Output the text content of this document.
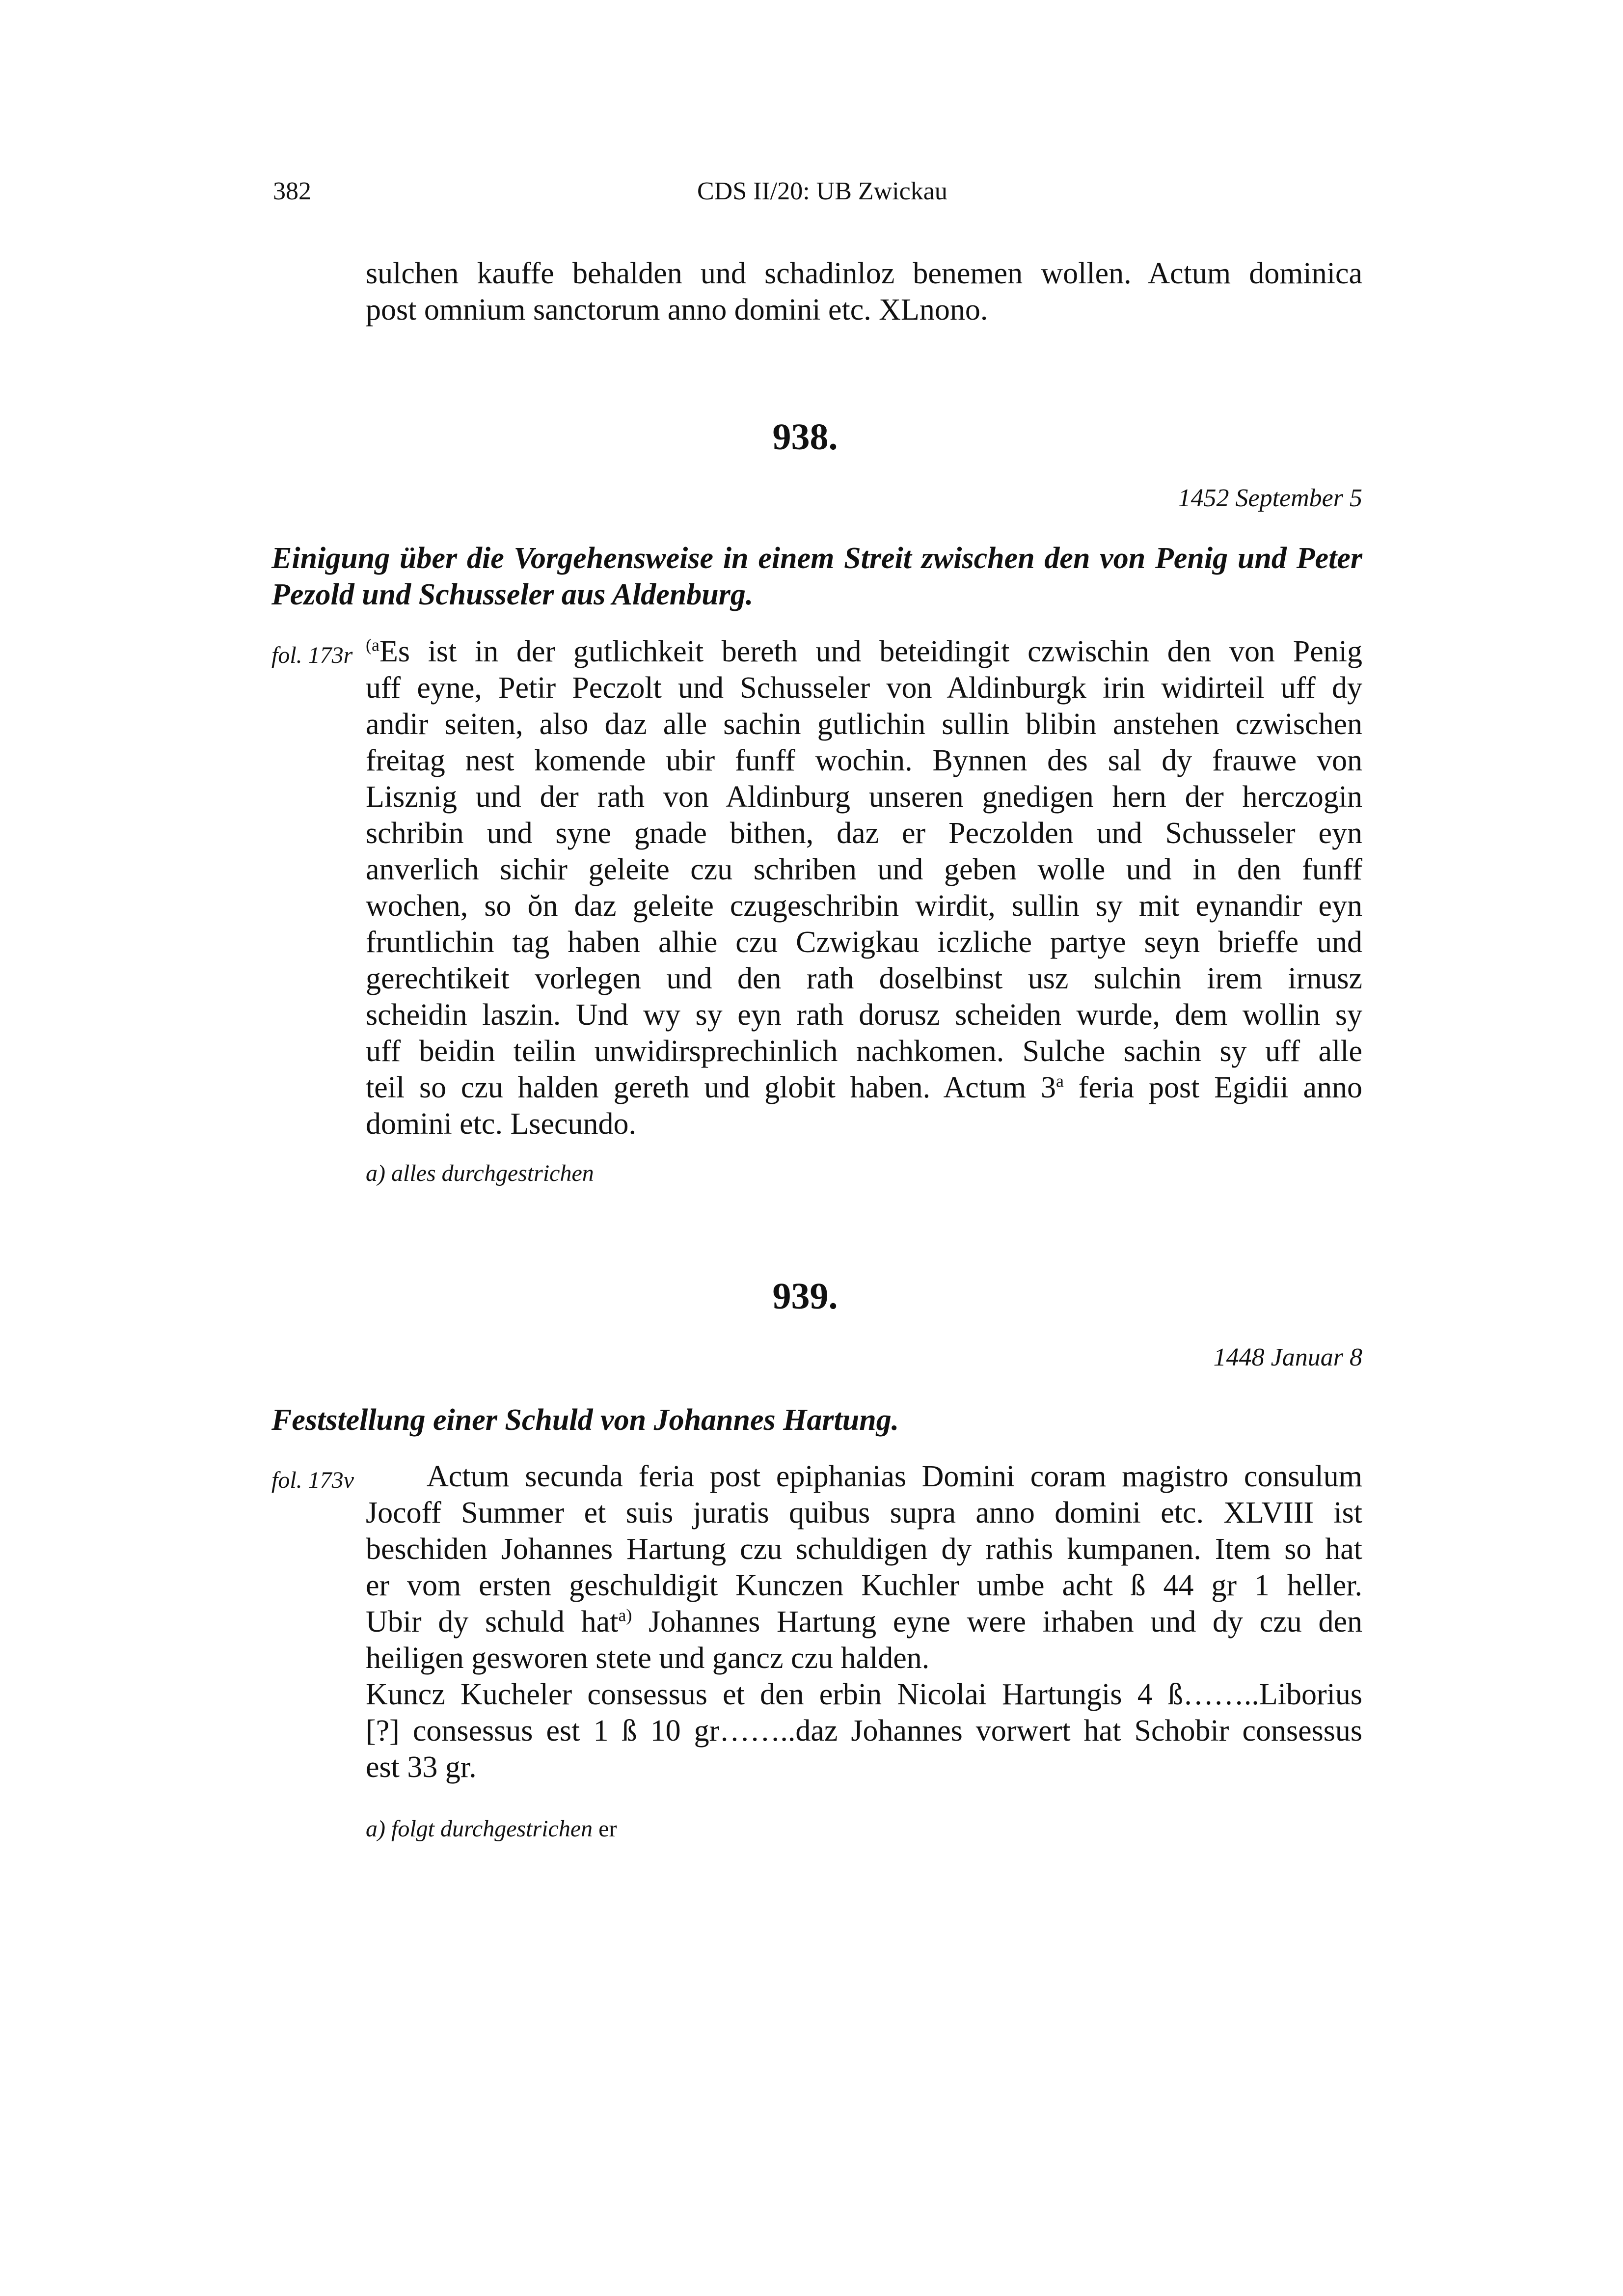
382	CDS II/20: UB Zwickau
sulchen kauffe behalden und schadinloz benemen wollen. Actum dominica
post omnium sanctorum anno domini etc. XLnono.
938.
1452 September 5
Einigung über die Vorgehensweise in einem Streit zwischen den von Penig und Peter Pezold und Schusseler aus Aldenburg.
fol. 173r $^{(a}$Es ist in der gutlichkeit bereth und beteidingit czwischin den von Penig
uff eyne, Petir Peczolt und Schusseler von Aldinburgk irin widirteil uff dy
andir seiten, also daz alle sachin gutlichin sullin blibin anstehen czwischen
freitag nest komende ubir funff wochin. Bynnen des sal dy frauwe von
Lisznig und der rath von Aldinburg unseren gnedigen hern der herczogin
schribin und syne gnade bithen, daz er Peczolden und Schusseler eyn
anverlich sichir geleite czu schriben und geben wolle und in den funff
wochen, so ŏn daz geleite czugeschribin wirdit, sullin sy mit eynandir eyn
fruntlichin tag haben alhie czu Czwigkau iczliche partye seyn brieffe und
gerechtikeit vorlegen und den rath doselbinst usz sulchin irem irnusz
scheidin laszin. Und wy sy eyn rath dorusz scheiden wurde, dem wollin sy
uff beidin teilin unwidirsprechinlich nachkomen. Sulche sachin sy uff alle
teil so czu halden gereth und globit haben. Actum 3$^a$ feria post Egidii anno
domini etc. Lsecundo.
a) alles durchgestrichen
939.
1448 Januar 8
Feststellung einer Schuld von Johannes Hartung.
fol. 173v	Actum secunda feria post epiphanias Domini coram magistro consulum
Jocoff Summer et suis juratis quibus supra anno domini etc. XLVIII ist
beschiden Johannes Hartung czu schuldigen dy rathis kumpanen. Item so hat
er vom ersten geschuldigit Kunczen Kuchler umbe acht ß 44 gr 1 heller.
Ubir dy schuld hat$^{a)}$ Johannes Hartung eyne were irhaben und dy czu den
heiligen gesworen stete und gancz czu halden.
Kuncz Kucheler consessus et den erbin Nicolai Hartungis 4 ß……..Liborius
[?] consessus est 1 ß 10 gr……..daz Johannes vorwert hat Schobir consessus
est 33 gr.
a) folgt durchgestrichen er
